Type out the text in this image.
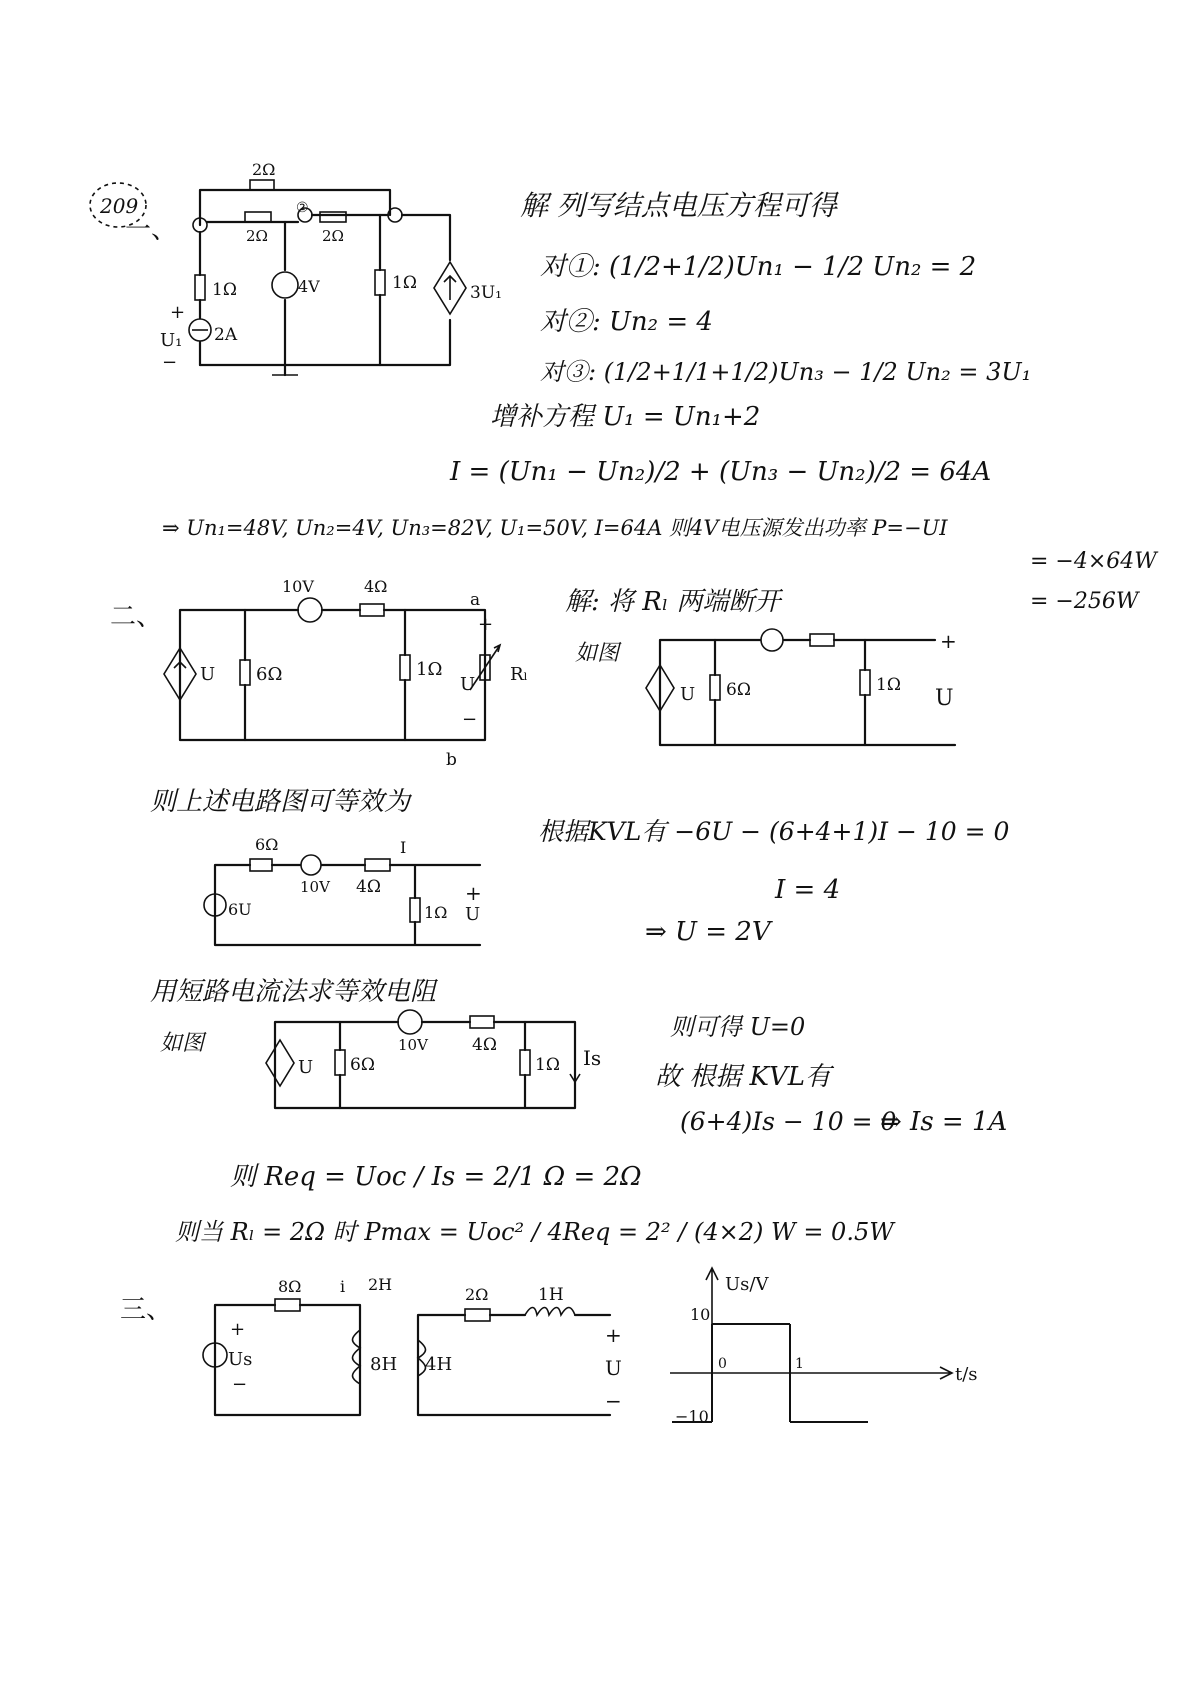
209
一、
2Ω
②
2Ω	2Ω
1Ω
2A
+
U₁
−
4V	1Ω	3U₁
解 列写结点电压方程可得
对①: (1/2+1/2)Un₁ − 1/2 Un₂ = 2
对②: Un₂ = 4
对③: (1/2+1/1+1/2)Un₃ − 1/2 Un₂ = 3U₁
增补方程 U₁ = Un₁+2
I = (Un₁ − Un₂)/2 + (Un₃ − Un₂)/2 = 64A
⇒ Un₁=48V, Un₂=4V, Un₃=82V, U₁=50V, I=64A 则4V电压源发出功率 P=−UI
= −4×64W
= −256W
二、
10V	4Ω
U 6Ω	1Ω	Rₗ
a
b
+
U
−
解: 将 Rₗ 两端断开
如图
U 6Ω	1Ω
+
U
则上述电路图可等效为
6Ω
10V 4Ω
I
6U	1Ω
+
U
根据KVL有 −6U − (6+4+1)I − 10 = 0
I = 4
⇒ U = 2V
用短路电流法求等效电阻
如图	10V	4Ω
U 6Ω	1Ω Is
则可得 U=0
故 根据 KVL有
(6+4)Is − 10 = 0
⇒ Is = 1A
则 Req = Uoc / Is = 2/1 Ω = 2Ω
则当 Rₗ = 2Ω 时 Pmax = Uoc² / 4Req = 2² / (4×2) W = 0.5W
三、
8Ω i 2H
+
Us
−
8H
2Ω	1H
4H
+
U
−
Us/V
t/s
10
−10
0	1
